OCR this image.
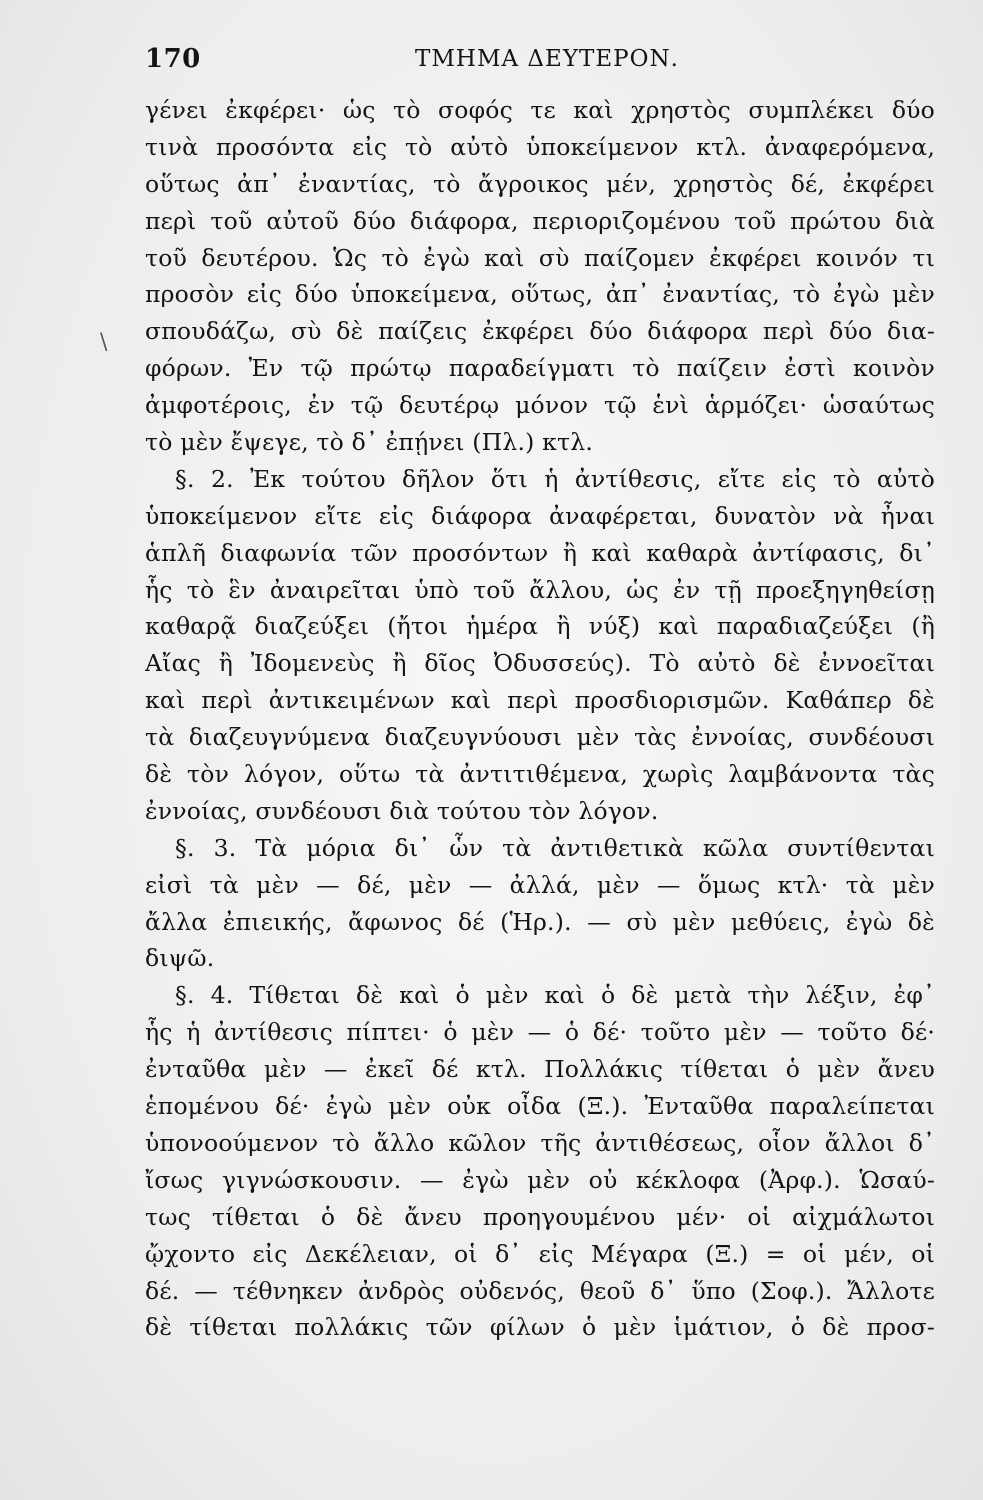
170	ΤΜΗΜΑ ΔΕΥΤΕΡΟΝ.
\
γένει ἐκφέρει· ὡς τὸ σοφός τε καὶ χρηστὸς συμπλέκει δύο
τινὰ προσόντα εἰς τὸ αὐτὸ ὑποκείμενον κτλ. ἀναφερόμενα,
οὕτως ἀπ᾽ ἐναντίας, τὸ ἄγροικος μέν, χρηστὸς δέ, ἐκφέρει
περὶ τοῦ αὐτοῦ δύο διάφορα, περιοριζομένου τοῦ πρώτου διὰ
τοῦ δευτέρου. Ὡς τὸ ἐγὼ καὶ σὺ παίζομεν ἐκφέρει κοινόν τι
προσὸν εἰς δύο ὑποκείμενα, οὕτως, ἀπ᾽ ἐναντίας, τὸ ἐγὼ μὲν
σπουδάζω, σὺ δὲ παίζεις ἐκφέρει δύο διάφορα περὶ δύο δια-
φόρων. Ἐν τῷ πρώτῳ παραδείγματι τὸ παίζειν ἐστὶ κοινὸν
ἀμφοτέροις, ἐν τῷ δευτέρῳ μόνον τῷ ἑνὶ ἁρμόζει· ὡσαύτως
τὸ μὲν ἔψεγε, τὸ δ᾽ ἐπῄνει (Πλ.) κτλ.
§. 2. Ἐκ τούτου δῆλον ὅτι ἡ ἀντίθεσις, εἴτε εἰς τὸ αὐτὸ
ὑποκείμενον εἴτε εἰς διάφορα ἀναφέρεται, δυνατὸν νὰ ἦναι
ἁπλῆ διαφωνία τῶν προσόντων ἢ καὶ καθαρὰ ἀντίφασις, δι᾽
ἧς τὸ ἓν ἀναιρεῖται ὑπὸ τοῦ ἄλλου, ὡς ἐν τῇ προεξηγηθείσῃ
καθαρᾷ διαζεύξει (ἤτοι ἡμέρα ἢ νύξ) καὶ παραδιαζεύξει (ἢ
Αἴας ἢ Ἰδομενεὺς ἢ δῖος Ὀδυσσεύς). Τὸ αὐτὸ δὲ ἐννοεῖται
καὶ περὶ ἀντικειμένων καὶ περὶ προσδιορισμῶν. Καθάπερ δὲ
τὰ διαζευγνύμενα διαζευγνύουσι μὲν τὰς ἐννοίας, συνδέουσι
δὲ τὸν λόγον, οὕτω τὰ ἀντιτιθέμενα, χωρὶς λαμβάνοντα τὰς
ἐννοίας, συνδέουσι διὰ τούτου τὸν λόγον.
§. 3. Τὰ μόρια δι᾽ ὧν τὰ ἀντιθετικὰ κῶλα συντίθενται
εἰσὶ τὰ μὲν — δέ, μὲν — ἀλλά, μὲν — ὅμως κτλ· τὰ μὲν
ἄλλα ἐπιεικής, ἄφωνος δέ (Ἡρ.). — σὺ μὲν μεθύεις, ἐγὼ δὲ
διψῶ.
§. 4. Τίθεται δὲ καὶ ὁ μὲν καὶ ὁ δὲ μετὰ τὴν λέξιν, ἐφ᾽
ἧς ἡ ἀντίθεσις πίπτει· ὁ μὲν — ὁ δέ· τοῦτο μὲν — τοῦτο δέ·
ἐνταῦθα μὲν — ἐκεῖ δέ κτλ. Πολλάκις τίθεται ὁ μὲν ἄνευ
ἑπομένου δέ· ἐγὼ μὲν οὐκ οἶδα (Ξ.). Ἐνταῦθα παραλείπεται
ὑπονοούμενον τὸ ἄλλο κῶλον τῆς ἀντιθέσεως, οἷον ἄλλοι δ᾽
ἴσως γιγνώσκουσιν. — ἐγὼ μὲν οὐ κέκλοφα (Ἀρφ.). Ὡσαύ-
τως τίθεται ὁ δὲ ἄνευ προηγουμένου μέν· οἱ αἰχμάλωτοι
ᾤχοντο εἰς Δεκέλειαν, οἱ δ᾽ εἰς Μέγαρα (Ξ.) = οἱ μέν, οἱ
δέ. — τέθνηκεν ἀνδρὸς οὐδενός, θεοῦ δ᾽ ὕπο (Σοφ.). Ἄλλοτε
δὲ τίθεται πολλάκις τῶν φίλων ὁ μὲν ἱμάτιον, ὁ δὲ προσ-
